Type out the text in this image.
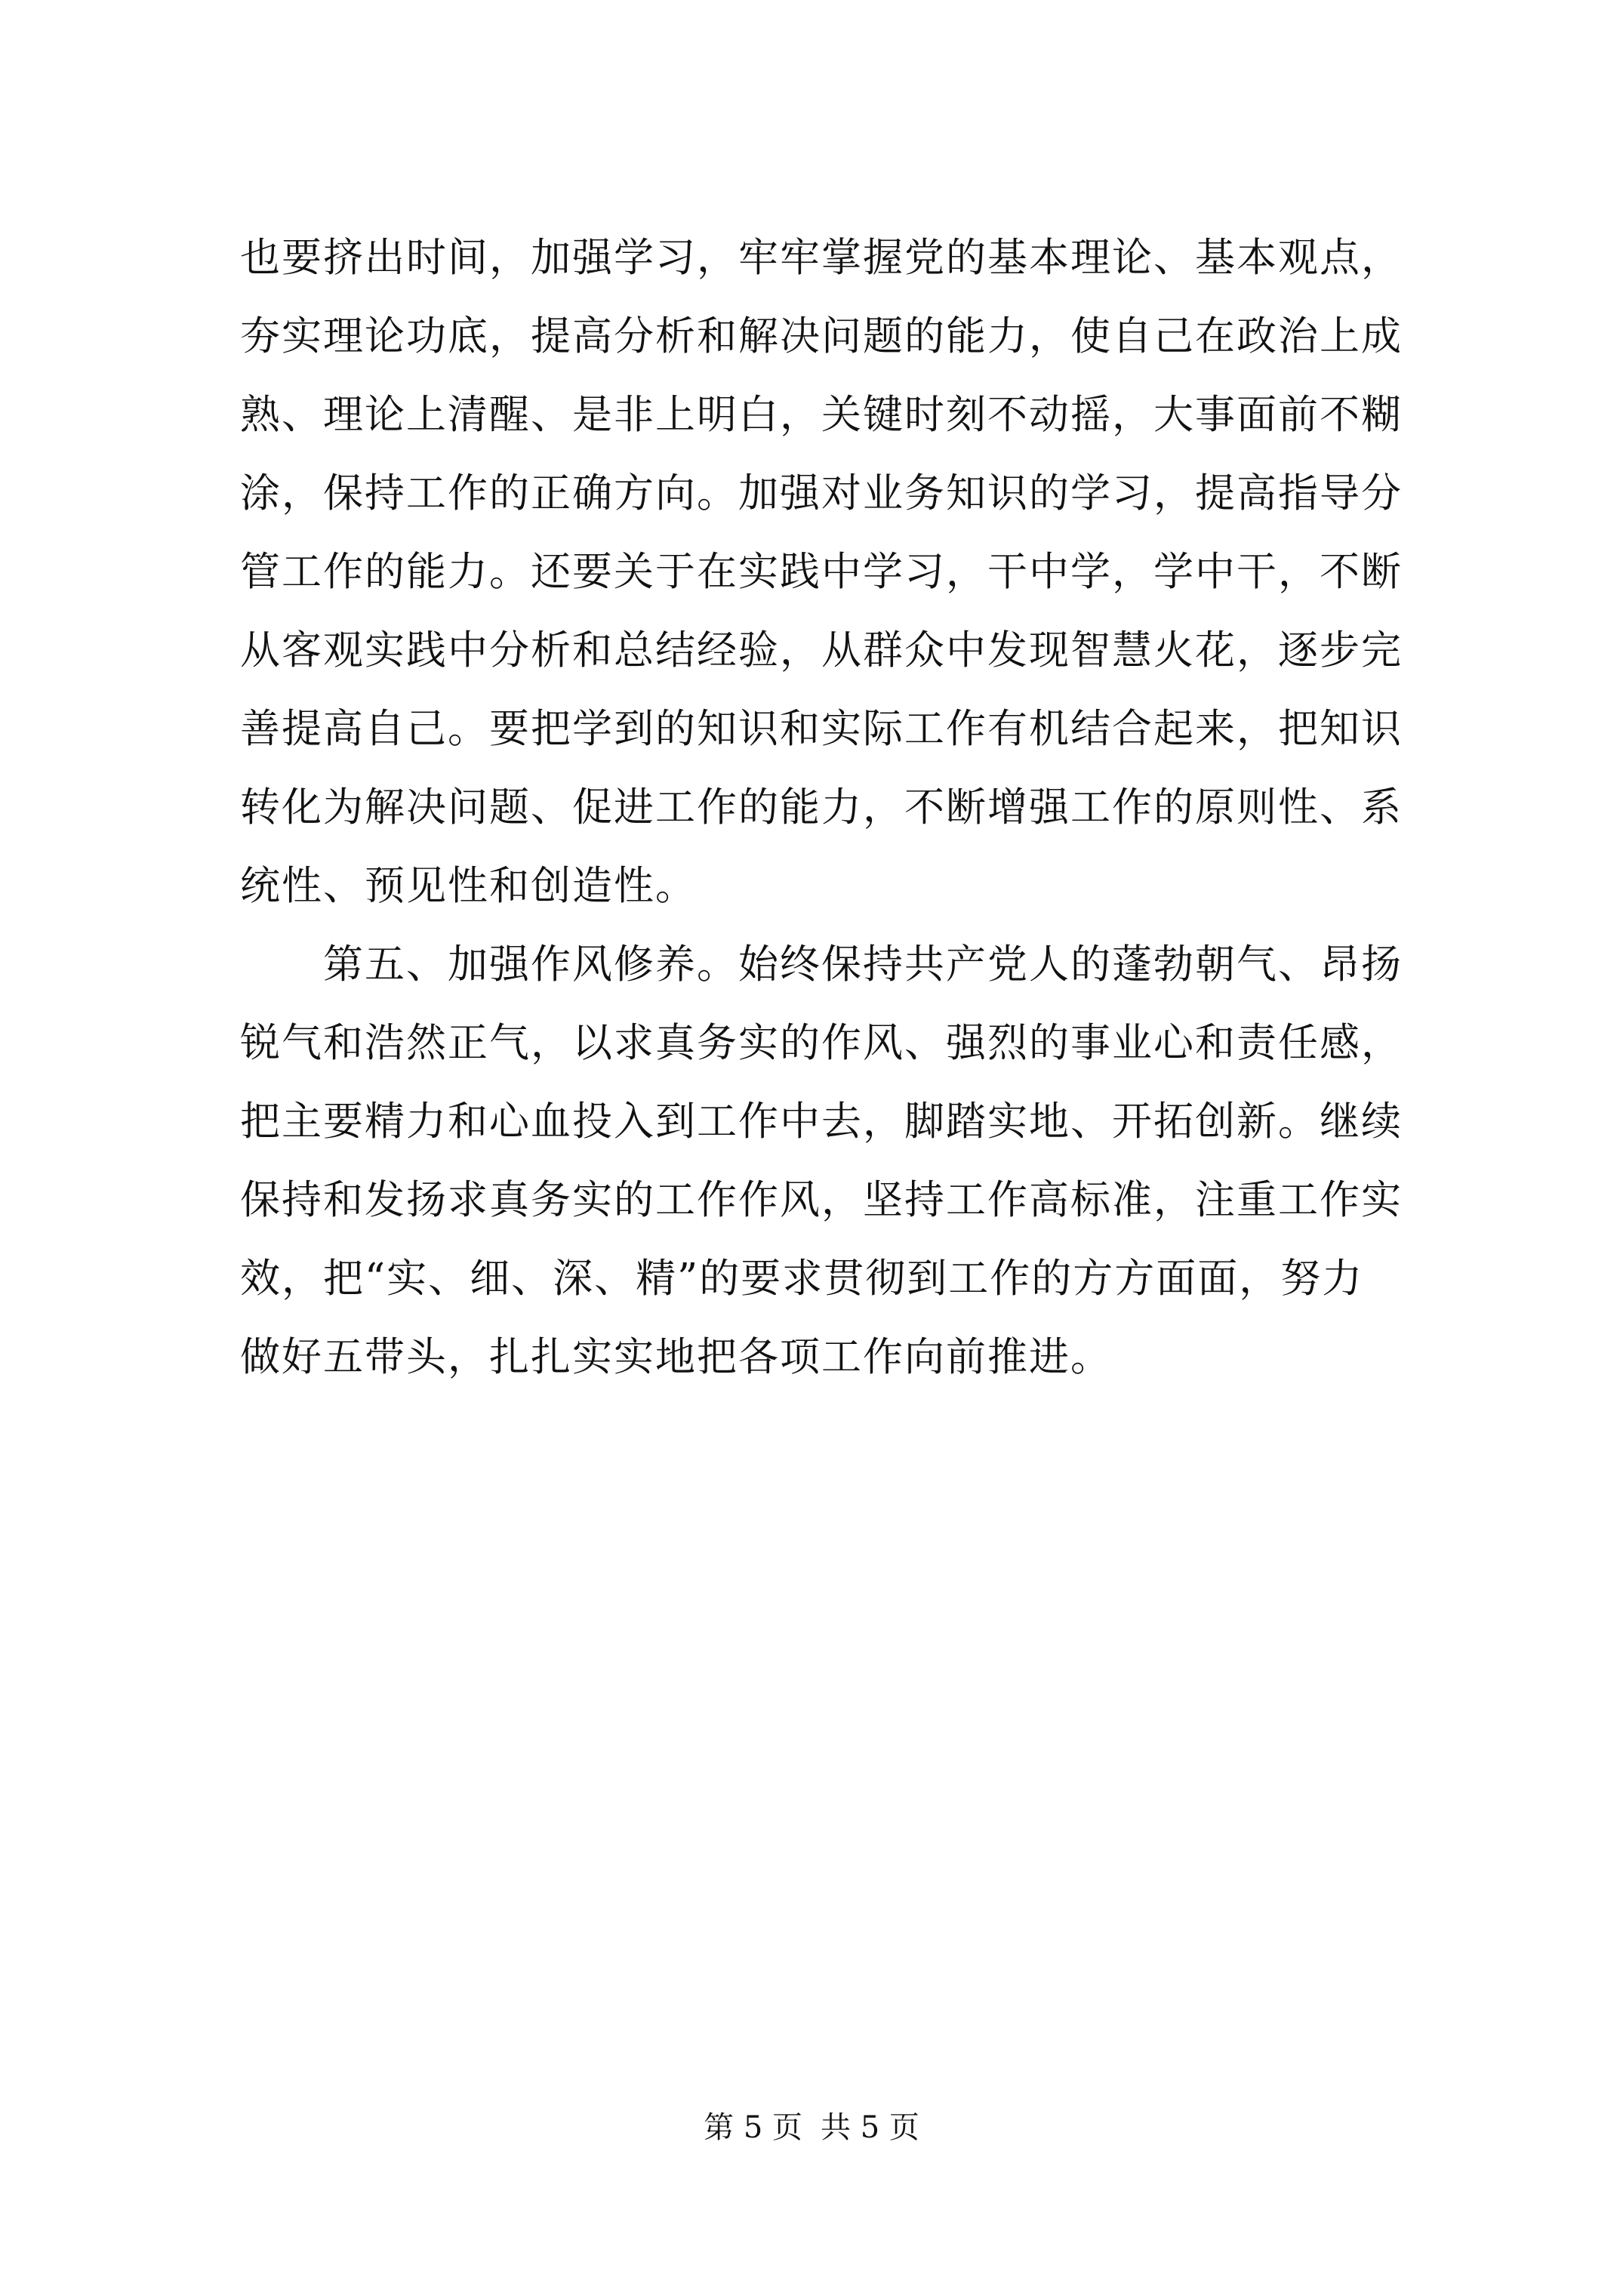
也要挤出时间，加强学习，牢牢掌握党的基本理论、基本观点，
夯实理论功底，提高分析和解决问题的能力，使自己在政治上成
熟、理论上清醒、是非上明白，关键时刻不动摇，大事面前不糊
涂，保持工作的正确方向。加强对业务知识的学习，提高指导分
管工作的能力。还要关于在实践中学习，干中学，学中干，不断
从客观实践中分析和总结经验，从群众中发现智慧火花，逐步完
善提高自己。要把学到的知识和实际工作有机结合起来，把知识
转化为解决问题、促进工作的能力，不断增强工作的原则性、系
统性、预见性和创造性。
第五、加强作风修养。始终保持共产党人的蓬勃朝气、昂扬
锐气和浩然正气，以求真务实的作风、强烈的事业心和责任感，
把主要精力和心血投入到工作中去，脚踏实地、开拓创新。继续
保持和发扬求真务实的工作作风，坚持工作高标准，注重工作实
效，把“实、细、深、精”的要求贯彻到工作的方方面面，努力
做好五带头，扎扎实实地把各项工作向前推进。
第 5 页 共 5 页
